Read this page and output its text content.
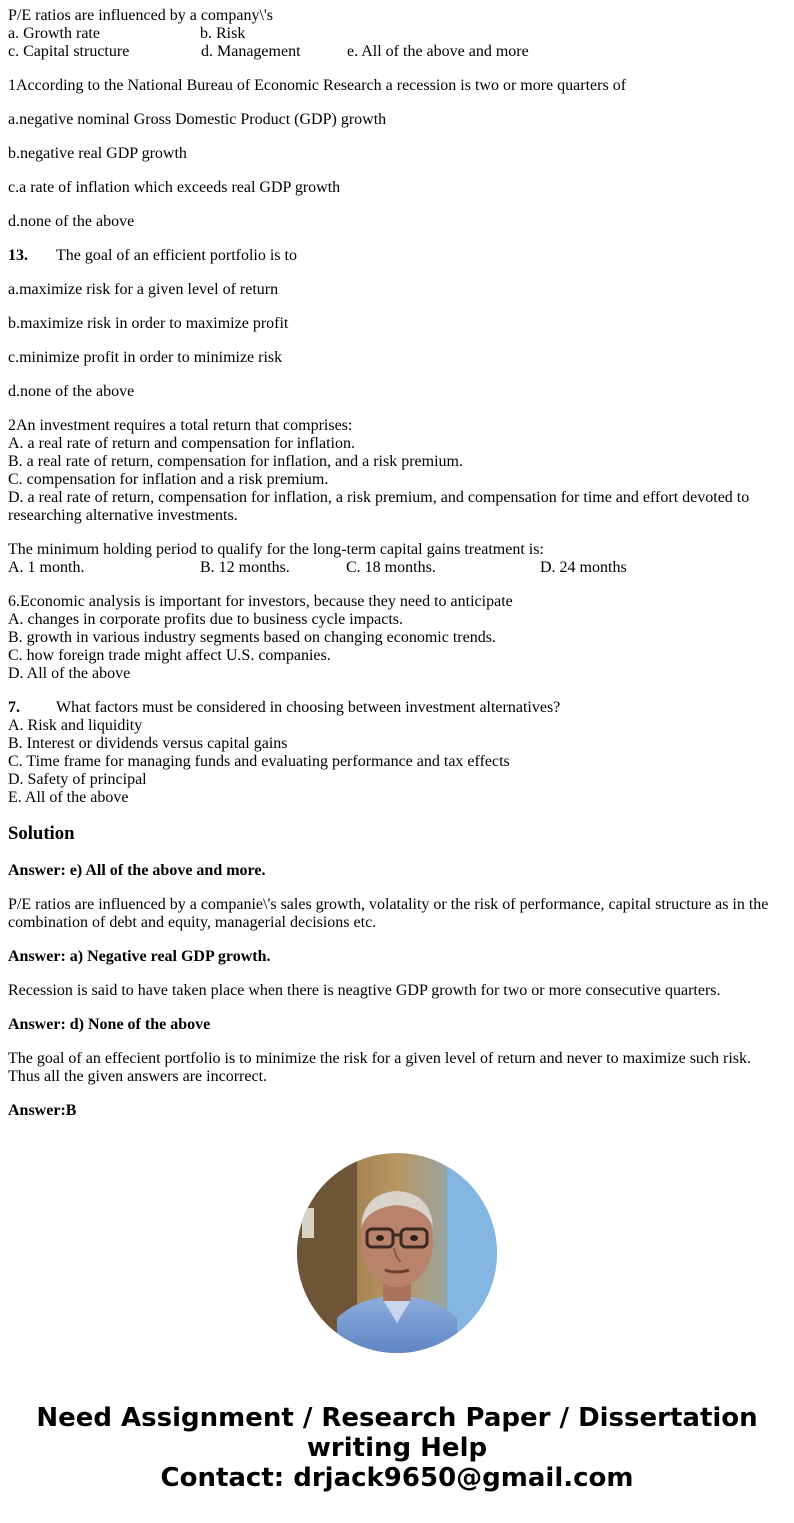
P/E ratios are influenced by a company\'s
a. Growth rate	b. Risk
c. Capital structure	d. Management	e. All of the above and more
1According to the National Bureau of Economic Research a recession is two or more quarters of
a.negative nominal Gross Domestic Product (GDP) growth
b.negative real GDP growth
c.a rate of inflation which exceeds real GDP growth
d.none of the above
13. The goal of an efficient portfolio is to
a.maximize risk for a given level of return
b.maximize risk in order to maximize profit
c.minimize profit in order to minimize risk
d.none of the above
2An investment requires a total return that comprises:
A. a real rate of return and compensation for inflation.
B. a real rate of return, compensation for inflation, and a risk premium.
C. compensation for inflation and a risk premium.
D. a real rate of return, compensation for inflation, a risk premium, and compensation for time and effort devoted to researching alternative investments.
The minimum holding period to qualify for the long-term capital gains treatment is:
A. 1 month.	B. 12 months.	C. 18 months.	D. 24 months
6.Economic analysis is important for investors, because they need to anticipate
A. changes in corporate profits due to business cycle impacts.
B. growth in various industry segments based on changing economic trends.
C. how foreign trade might affect U.S. companies.
D. All of the above
7. What factors must be considered in choosing between investment alternatives?
A. Risk and liquidity
B. Interest or dividends versus capital gains
C. Time frame for managing funds and evaluating performance and tax effects
D. Safety of principal
E. All of the above
Solution
Answer: e) All of the above and more.
P/E ratios are influenced by a companie\'s sales growth, volatality or the risk of performance, capital structure as in the combination of debt and equity, managerial decisions etc.
Answer: a) Negative real GDP growth.
Recession is said to have taken place when there is neagtive GDP growth for two or more consecutive quarters.
Answer: d) None of the above
The goal of an effecient portfolio is to minimize the risk for a given level of return and never to maximize such risk. Thus all the given answers are incorrect.
Answer:B
Need Assignment / Research Paper / Dissertation writing Help
Contact: drjack9650@gmail.com
